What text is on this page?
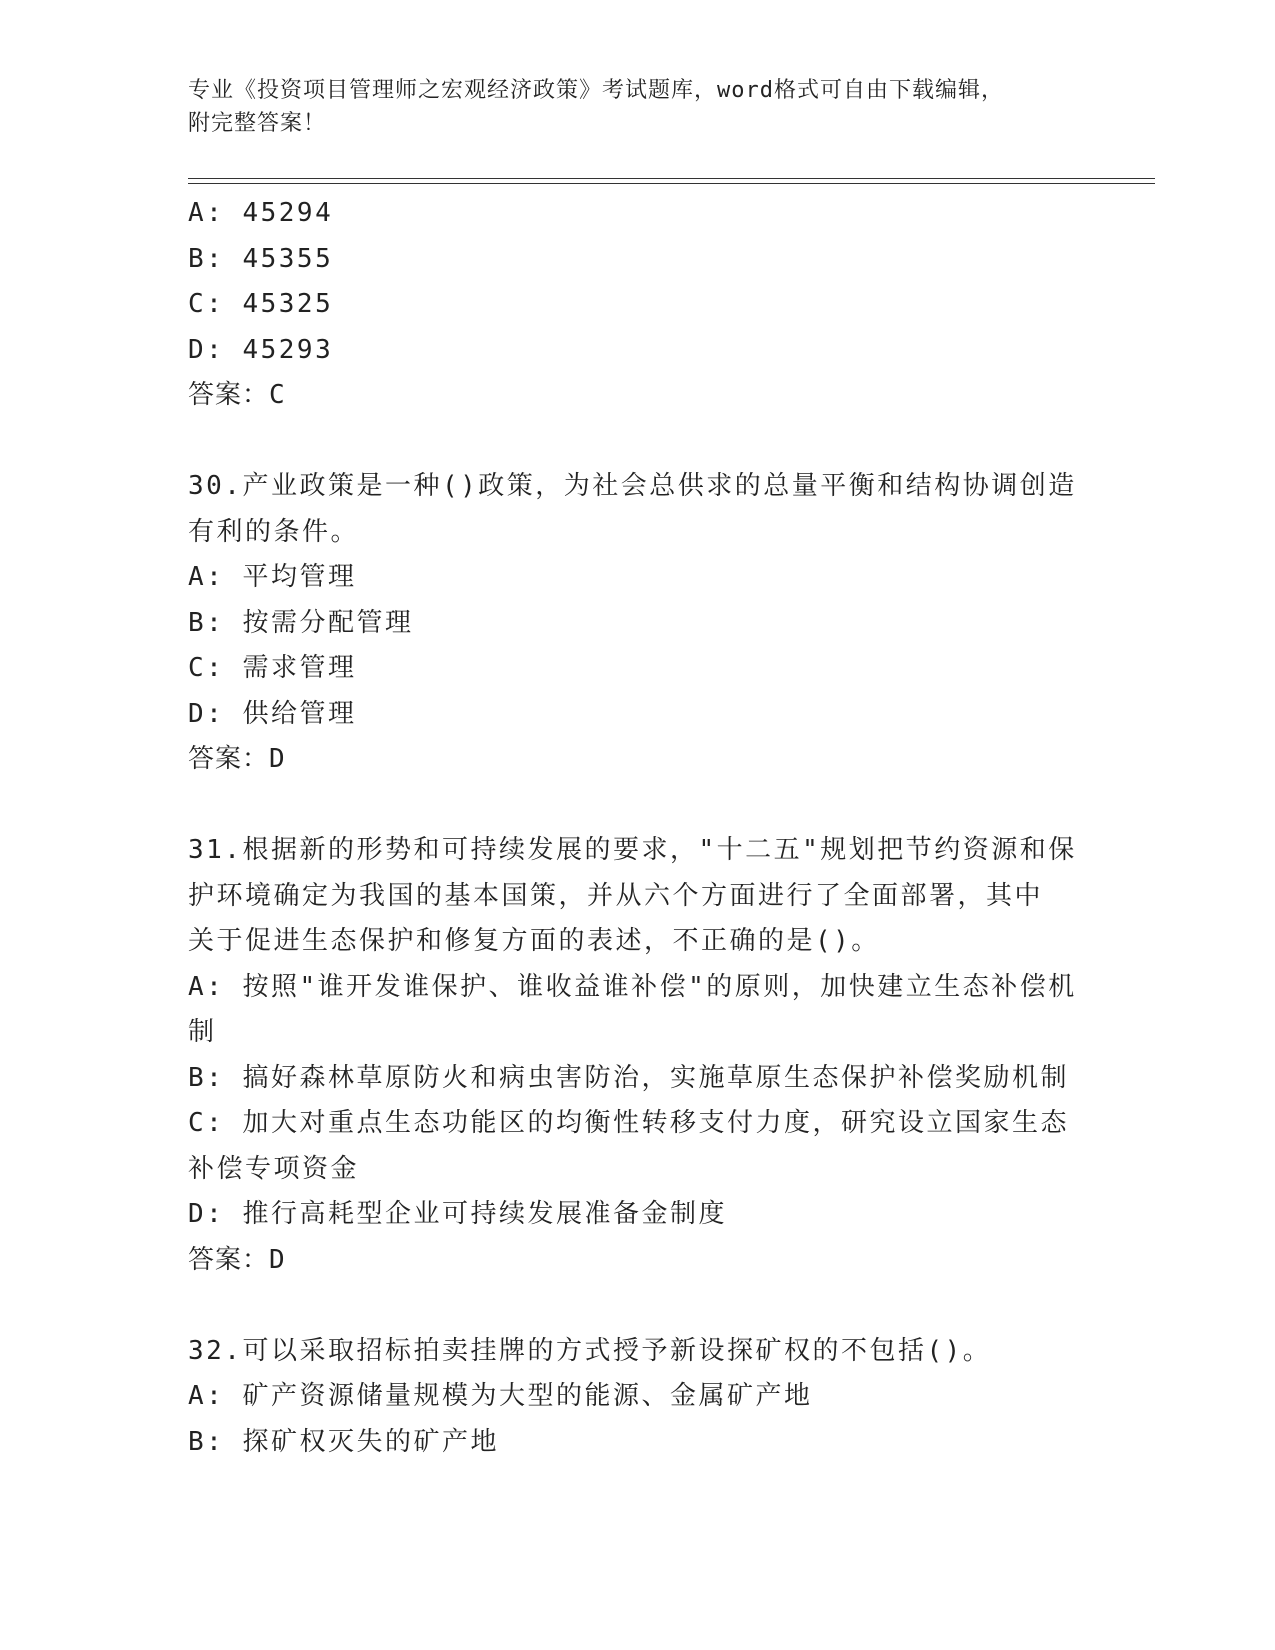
专业《投资项目管理师之宏观经济政策》考试题库，word格式可自由下载编辑，
附完整答案！
A: 45294
B: 45355
C: 45325
D: 45293
答案：C
30.产业政策是一种()政策，为社会总供求的总量平衡和结构协调创造
有利的条件。
A: 平均管理
B: 按需分配管理
C: 需求管理
D: 供给管理
答案：D
31.根据新的形势和可持续发展的要求，"十二五"规划把节约资源和保
护环境确定为我国的基本国策，并从六个方面进行了全面部署，其中
关于促进生态保护和修复方面的表述，不正确的是()。
A: 按照"谁开发谁保护、谁收益谁补偿"的原则，加快建立生态补偿机
制
B: 搞好森林草原防火和病虫害防治，实施草原生态保护补偿奖励机制
C: 加大对重点生态功能区的均衡性转移支付力度，研究设立国家生态
补偿专项资金
D: 推行高耗型企业可持续发展准备金制度
答案：D
32.可以采取招标拍卖挂牌的方式授予新设探矿权的不包括()。
A: 矿产资源储量规模为大型的能源、金属矿产地
B: 探矿权灭失的矿产地
